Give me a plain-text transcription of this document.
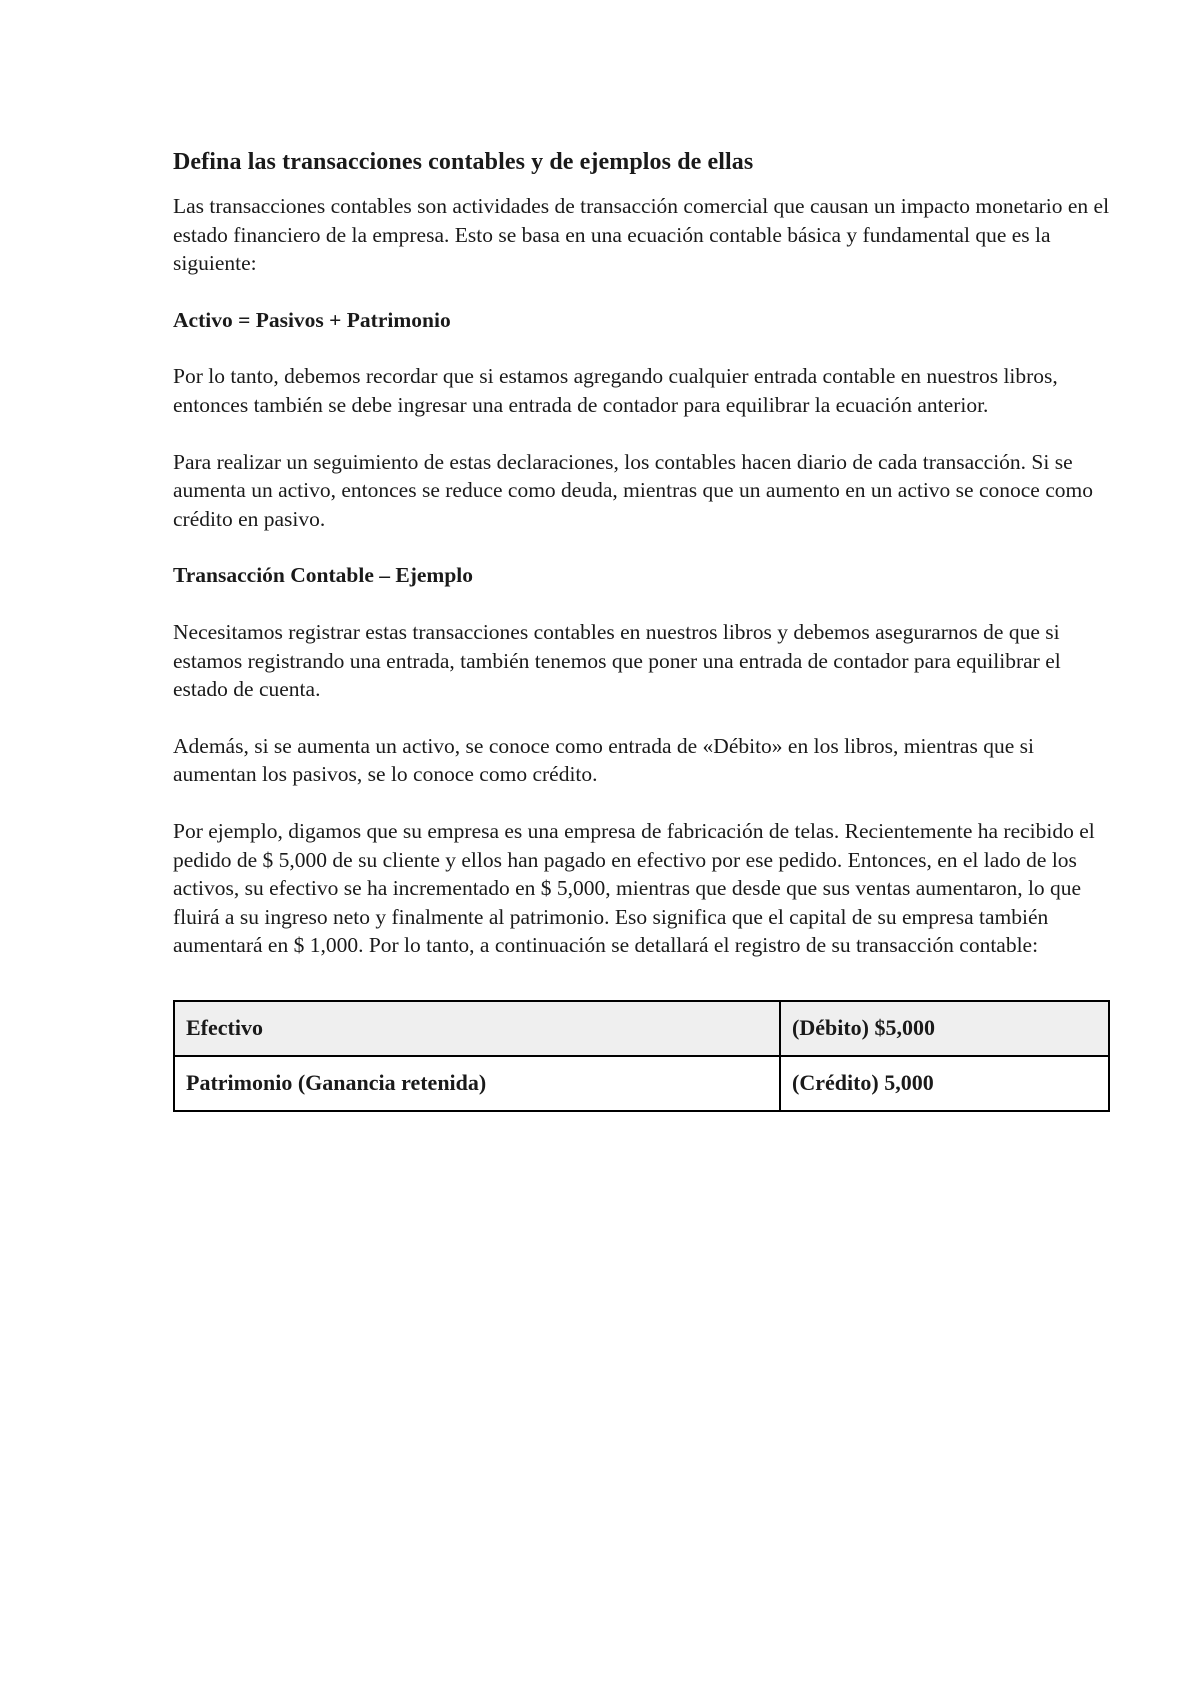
Defina las transacciones contables y de ejemplos de ellas

Las transacciones contables son actividades de transacción comercial que causan un impacto monetario en el estado financiero de la empresa. Esto se basa en una ecuación contable básica y fundamental que es la siguiente:

Activo = Pasivos + Patrimonio

Por lo tanto, debemos recordar que si estamos agregando cualquier entrada contable en nuestros libros, entonces también se debe ingresar una entrada de contador para equilibrar la ecuación anterior.

Para realizar un seguimiento de estas declaraciones, los contables hacen diario de cada transacción. Si se aumenta un activo, entonces se reduce como deuda, mientras que un aumento en un activo se conoce como crédito en pasivo.

Transacción Contable – Ejemplo

Necesitamos registrar estas transacciones contables en nuestros libros y debemos asegurarnos de que si estamos registrando una entrada, también tenemos que poner una entrada de contador para equilibrar el estado de cuenta.

Además, si se aumenta un activo, se conoce como entrada de «Débito» en los libros, mientras que si aumentan los pasivos, se lo conoce como crédito.

Por ejemplo, digamos que su empresa es una empresa de fabricación de telas. Recientemente ha recibido el pedido de $ 5,000 de su cliente y ellos han pagado en efectivo por ese pedido. Entonces, en el lado de los activos, su efectivo se ha incrementado en $ 5,000, mientras que desde que sus ventas aumentaron, lo que fluirá a su ingreso neto y finalmente al patrimonio. Eso significa que el capital de su empresa también aumentará en $ 1,000. Por lo tanto, a continuación se detallará el registro de su transacción contable:

Efectivo	(Débito) $5,000
Patrimonio (Ganancia retenida)	(Crédito) 5,000
